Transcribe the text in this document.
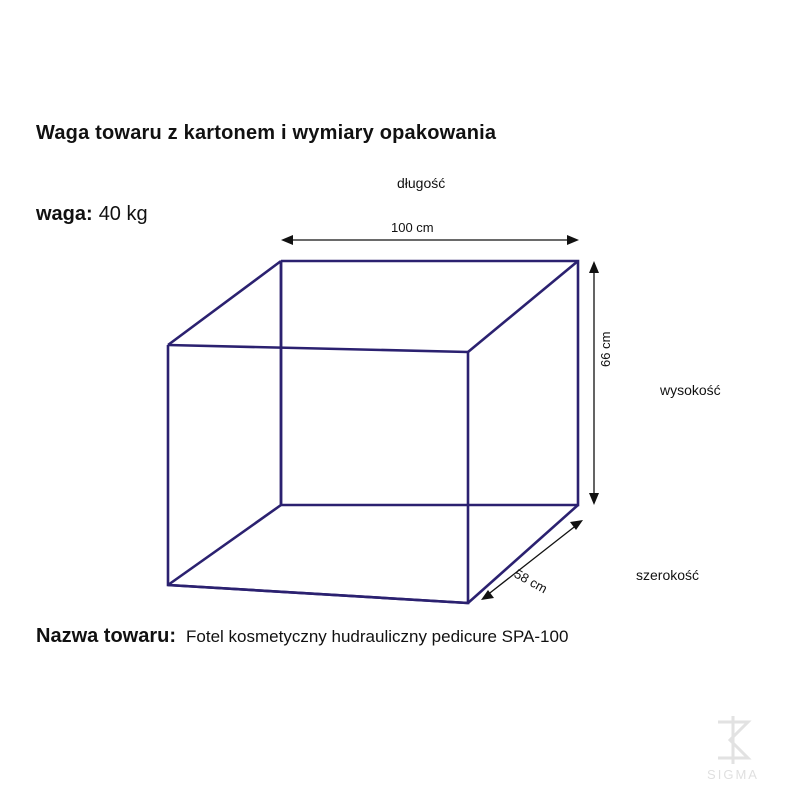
Waga towaru z kartonem i wymiary opakowania
waga: 40 kg
długość
wysokość
szerokość
100 cm
66 cm
58 cm
Nazwa towaru: Fotel kosmetyczny hudrauliczny pedicure SPA-100
SIGMA
